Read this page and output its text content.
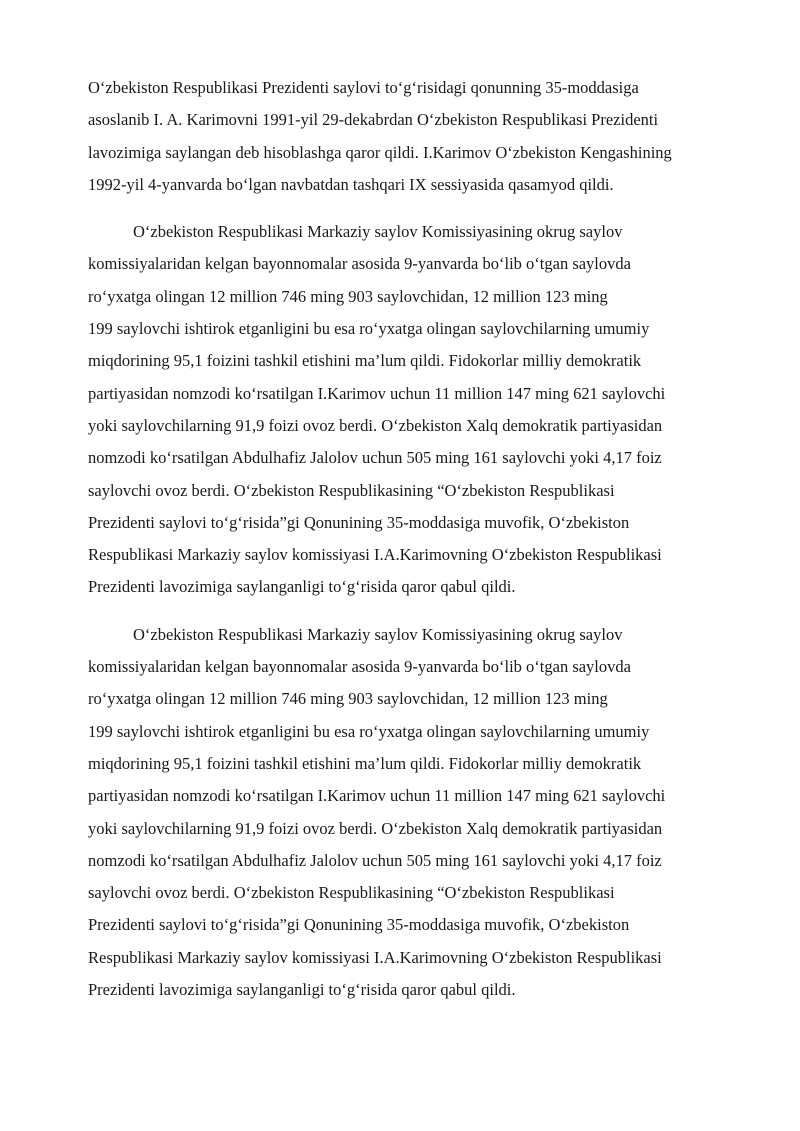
O‘zbekiston Respublikasi Prezidenti saylovi to‘g‘risidagi qonunning 35-moddasiga
asoslanib I. A. Karimovni 1991-yil 29-dekabrdan O‘zbekiston Respublikasi Prezidenti
lavozimiga saylangan deb hisoblashga qaror qildi. I.Karimov O‘zbekiston Kengashining
1992-yil 4-yanvarda bo‘lgan navbatdan tashqari IX sessiyasida qasamyod qildi.

O‘zbekiston Respublikasi Markaziy saylov Komissiyasining okrug saylov
komissiyalaridan kelgan bayonnomalar asosida 9-yanvarda bo‘lib o‘tgan saylovda
ro‘yxatga olingan 12 million 746 ming 903 saylovchidan, 12 million 123 ming
199 saylovchi ishtirok etganligini bu esa ro‘yxatga olingan saylovchilarning umumiy
miqdorining 95,1 foizini tashkil etishini ma’lum qildi. Fidokorlar milliy demokratik
partiyasidan nomzodi ko‘rsatilgan I.Karimov uchun 11 million 147 ming 621 saylovchi
yoki saylovchilarning 91,9 foizi ovoz berdi. O‘zbekiston Xalq demokratik partiyasidan
nomzodi ko‘rsatilgan Abdulhafiz Jalolov uchun 505 ming 161 saylovchi yoki 4,17 foiz
saylovchi ovoz berdi. O‘zbekiston Respublikasining “O‘zbekiston Respublikasi
Prezidenti saylovi to‘g‘risida”gi Qonunining 35-moddasiga muvofik, O‘zbekiston
Respublikasi Markaziy saylov komissiyasi I.A.Karimovning O‘zbekiston Respublikasi
Prezidenti lavozimiga saylanganligi to‘g‘risida qaror qabul qildi.

O‘zbekiston Respublikasi Markaziy saylov Komissiyasining okrug saylov
komissiyalaridan kelgan bayonnomalar asosida 9-yanvarda bo‘lib o‘tgan saylovda
ro‘yxatga olingan 12 million 746 ming 903 saylovchidan, 12 million 123 ming
199 saylovchi ishtirok etganligini bu esa ro‘yxatga olingan saylovchilarning umumiy
miqdorining 95,1 foizini tashkil etishini ma’lum qildi. Fidokorlar milliy demokratik
partiyasidan nomzodi ko‘rsatilgan I.Karimov uchun 11 million 147 ming 621 saylovchi
yoki saylovchilarning 91,9 foizi ovoz berdi. O‘zbekiston Xalq demokratik partiyasidan
nomzodi ko‘rsatilgan Abdulhafiz Jalolov uchun 505 ming 161 saylovchi yoki 4,17 foiz
saylovchi ovoz berdi. O‘zbekiston Respublikasining “O‘zbekiston Respublikasi
Prezidenti saylovi to‘g‘risida”gi Qonunining 35-moddasiga muvofik, O‘zbekiston
Respublikasi Markaziy saylov komissiyasi I.A.Karimovning O‘zbekiston Respublikasi
Prezidenti lavozimiga saylanganligi to‘g‘risida qaror qabul qildi.
